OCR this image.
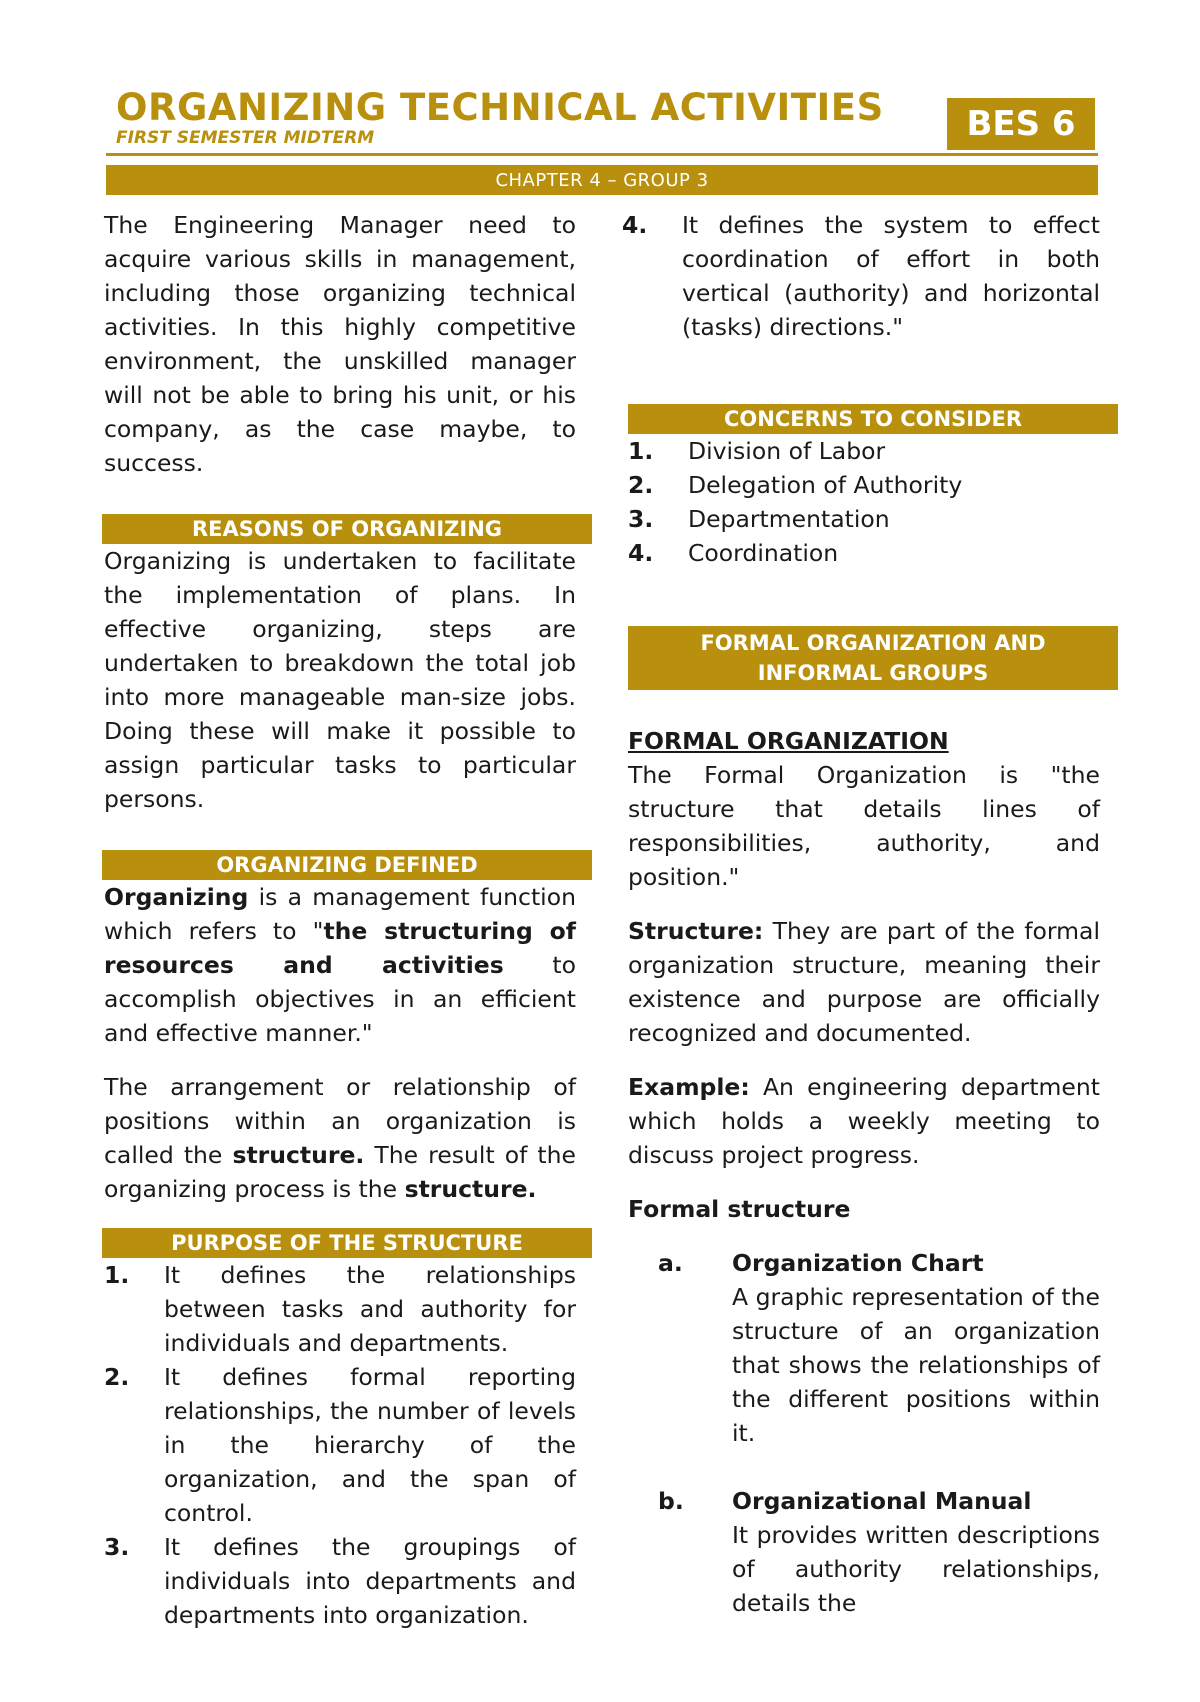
ORGANIZING TECHNICAL ACTIVITIES
FIRST SEMESTER MIDTERM	BES 6
CHAPTER 4 – GROUP 3

The Engineering Manager need to acquire various skills in management, including those organizing technical activities. In this highly competitive environment, the unskilled manager will not be able to bring his unit, or his company, as the case maybe, to success.

REASONS OF ORGANIZING

Organizing is undertaken to facilitate the implementation of plans. In effective organizing, steps are undertaken to breakdown the total job into more manageable man-size jobs. Doing these will make it possible to assign particular tasks to particular persons.

ORGANIZING DEFINED

Organizing is a management function which refers to "the structuring of resources and activities to accomplish objectives in an efficient and effective manner."

The arrangement or relationship of positions within an organization is called the structure. The result of the organizing process is the structure.

PURPOSE OF THE STRUCTURE
1.	It defines the relationships between tasks and authority for individuals and departments.
2.	It defines formal reporting relationships, the number of levels in the hierarchy of the organization, and the span of control.
3.	It defines the groupings of individuals into departments and departments into organization.
4.	It defines the system to effect coordination of effort in both vertical (authority) and horizontal (tasks) directions."
CONCERNS TO CONSIDER
1.	Division of Labor
2.	Delegation of Authority
3.	Departmentation
4.	Coordination
FORMAL ORGANIZATION AND
INFORMAL GROUPS

FORMAL ORGANIZATION

The Formal Organization is "the structure that details lines of responsibilities, authority, and position."

Structure: They are part of the formal organization structure, meaning their existence and purpose are officially recognized and documented.

Example: An engineering department which holds a weekly meeting to discuss project progress.

Formal structure

a.	Organization Chart

A graphic representation of the structure of an organization that shows the relationships of the different positions within it.

b.	Organizational Manual

It provides written descriptions of authority relationships, details the
